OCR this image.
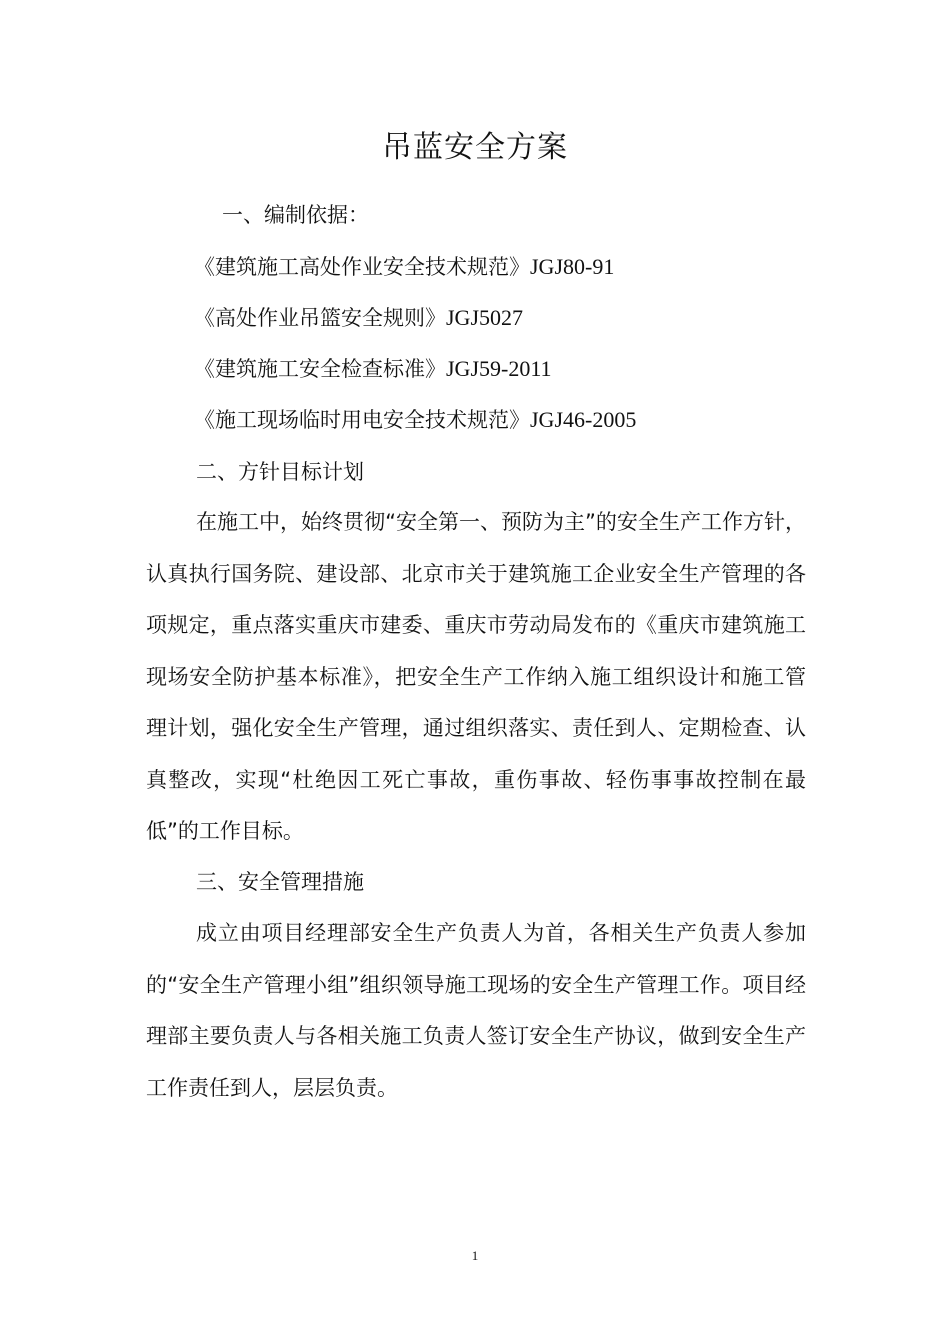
吊蓝安全方案
一、编制依据：
《建筑施工高处作业安全技术规范》JGJ80-91
《高处作业吊篮安全规则》JGJ5027
《建筑施工安全检查标准》JGJ59-2011
《施工现场临时用电安全技术规范》JGJ46-2005
二、方针目标计划
在施工中，始终贯彻“安全第一、预防为主”的安全生产工作方针，认真执行国务院、建设部、北京市关于建筑施工企业安全生产管理的各项规定，重点落实重庆市建委、重庆市劳动局发布的《重庆市建筑施工现场安全防护基本标准》，把安全生产工作纳入施工组织设计和施工管理计划，强化安全生产管理，通过组织落实、责任到人、定期检查、认真整改，实现“杜绝因工死亡事故，重伤事故、轻伤事事故控制在最低”的工作目标。
三、安全管理措施
成立由项目经理部安全生产负责人为首，各相关生产负责人参加的“安全生产管理小组”组织领导施工现场的安全生产管理工作。项目经理部主要负责人与各相关施工负责人签订安全生产协议，做到安全生产工作责任到人，层层负责。
1
